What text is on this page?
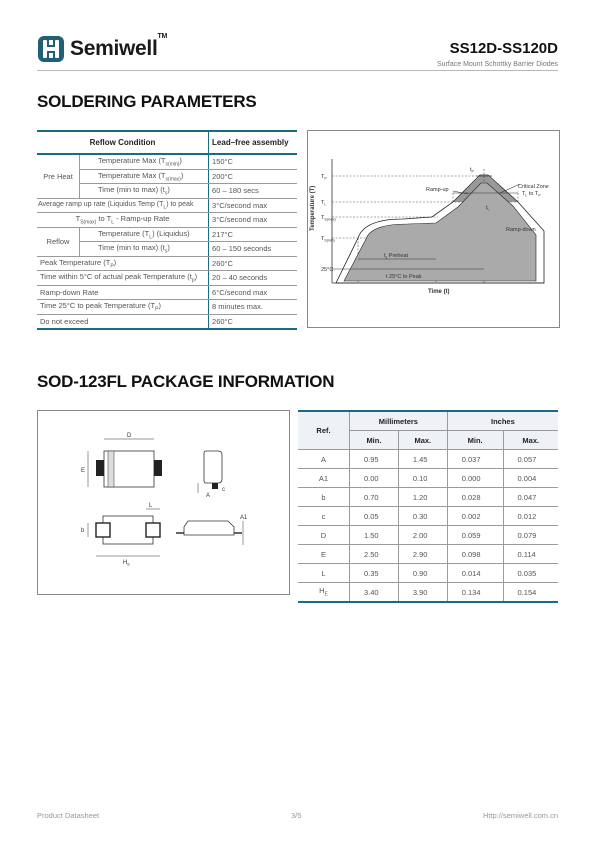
Semiwell™
SS12D-SS120D
Surface Mount Schottky Barrier Diodes
SOLDERING PARAMETERS
Reflow Condition		Lead–free assembly
Pre Heat	Temperature Max $(T_{s(min)})$	150°C
	Temperature Max $(T_{s(max)})$	200°C
	Time (min to max) $(t_s)$	60 – 180 secs
Average ramp up rate (Liquidus Temp $(T_L)$ to peak		3°C/second max
$T_{S(max)}$ to $T_L$ - Ramp-up Rate		3°C/second max
Reflow	Temperature $(T_L)$ (Liquidus)	217°C
	Time (min to max) $(t_s)$	60 – 150 seconds
Peak Temperature $(T_P)$		260°C
Time within 5°C of actual peak Temperature $(t_p)$		20 – 40 seconds
Ramp-down Rate		6°C/second max
Time 25°C to peak Temperature $(T_P)$		8 minutes max.
Do not exceed		260°C
Temperature (T)
Time (t)
$T_P$
$T_L$
$T_{S(max)}$
$T_{S(min)}$
25°C
Ramp-up
Ramp-down
Critical Zone
$T_L$ to $T_P$
$t_s$ Preheat
$t_L$
$t_P$
t 25°C to Peak
SOD-123FL PACKAGE INFORMATION
D
E
A
c
b
$H_E$
L
A1
Ref.	Millimeters		Inches	
	Min.	Max.	Min.	Max.
A	0.95	1.45	0.037	0.057
A1	0.00	0.10	0.000	0.004
b	0.70	1.20	0.028	0.047
c	0.05	0.30	0.002	0.012
D	1.50	2.00	0.059	0.079
E	2.50	2.90	0.098	0.114
L	0.35	0.90	0.014	0.035
$H_E$	3.40	3.90	0.134	0.154
Product Datasheet	3/5	Http://semiwell.com.cn
